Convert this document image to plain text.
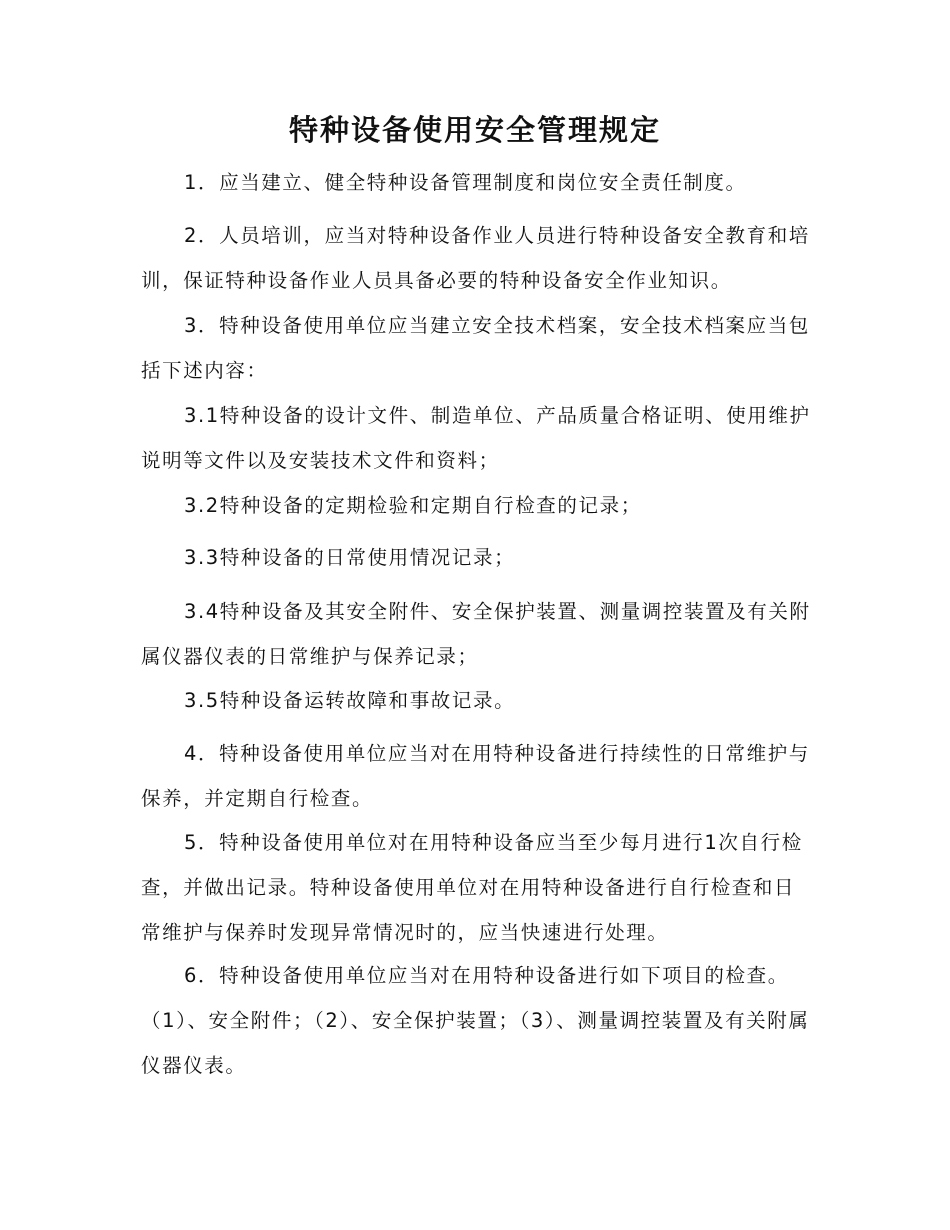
特种设备使用安全管理规定

1．应当建立、健全特种设备管理制度和岗位安全责任制度。

2．人员培训，应当对特种设备作业人员进行特种设备安全教育和培训，保证特种设备作业人员具备必要的特种设备安全作业知识。

3．特种设备使用单位应当建立安全技术档案，安全技术档案应当包括下述内容：

3.1特种设备的设计文件、制造单位、产品质量合格证明、使用维护说明等文件以及安装技术文件和资料；

3.2特种设备的定期检验和定期自行检查的记录；

3.3特种设备的日常使用情况记录；

3.4特种设备及其安全附件、安全保护装置、测量调控装置及有关附属仪器仪表的日常维护与保养记录；

3.5特种设备运转故障和事故记录。

4．特种设备使用单位应当对在用特种设备进行持续性的日常维护与保养，并定期自行检查。

5．特种设备使用单位对在用特种设备应当至少每月进行1次自行检查，并做出记录。特种设备使用单位对在用特种设备进行自行检查和日常维护与保养时发现异常情况时的，应当快速进行处理。

6．特种设备使用单位应当对在用特种设备进行如下项目的检查。（1）、安全附件；（2）、安全保护装置；（3）、测量调控装置及有关附属仪器仪表。
